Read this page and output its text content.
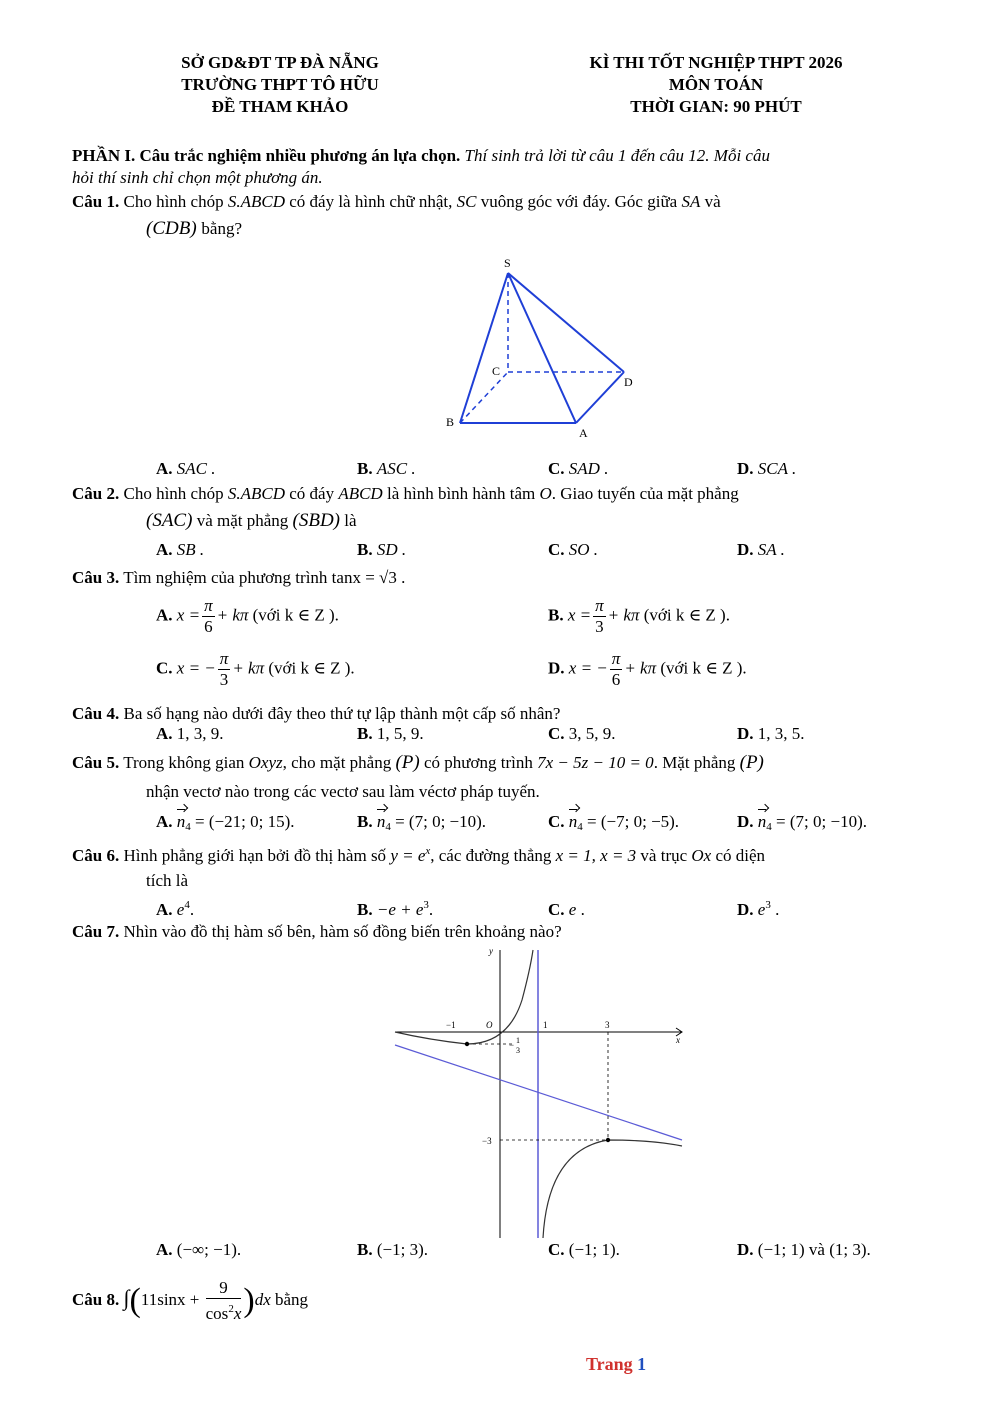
SỞ GD&ĐT TP ĐÀ NẴNG
TRƯỜNG THPT TÔ HỮU
ĐỀ THAM KHẢO
KÌ THI TỐT NGHIỆP THPT 2026
MÔN TOÁN
THỜI GIAN: 90 PHÚT
PHẦN I. Câu trắc nghiệm nhiều phương án lựa chọn. Thí sinh trả lời từ câu 1 đến câu 12. Mỗi câu
hỏi thí sinh chỉ chọn một phương án.
Câu 1. Cho hình chóp S.ABCD có đáy là hình chữ nhật, SC vuông góc với đáy. Góc giữa SA và
(CDB) bằng?
S
C
D
B
A
A. SAC .	B. ASC .	C. SAD .	D. SCA .
Câu 2. Cho hình chóp S.ABCD có đáy ABCD là hình bình hành tâm O. Giao tuyến của mặt phẳng
(SAC) và mặt phẳng (SBD) là
A. SB .	B. SD .	C. SO .	D. SA .
Câu 3. Tìm nghiệm của phương trình tanx = √3 .
A. $x = \frac{\pi}{6} + k\pi$ (với k ∈ Z ).	B. $x = \frac{\pi}{3} + k\pi$ (với k ∈ Z ).
C. x = − $\frac{\pi}{3} + k\pi$ (với k ∈ Z ).	D. x = − $\frac{\pi}{6} + k\pi$ (với k ∈ Z ).
Câu 4. Ba số hạng nào dưới đây theo thứ tự lập thành một cấp số nhân?
A. 1, 3, 9.	B. 1, 5, 9.	C. 3, 5, 9.	D. 1, 3, 5.
Câu 5. Trong không gian Oxyz, cho mặt phẳng (P) có phương trình 7x − 5z − 10 = 0. Mặt phẳng (P)
nhận vectơ nào trong các vectơ sau làm véctơ pháp tuyến.
A. $n_4 = (-21$; 0; 15).	B. $n_4 = (7$; 0; −10).	C. $n_4 = (-7$; 0; −5).	D. $n_4 = (7$; 0; −10).
Câu 6. Hình phẳng giới hạn bởi đồ thị hàm số $y = e^x$, các đường thẳng x = 1, x = 3 và trục Ox có diện
tích là
A. $e^4$.	B. $-e + e^3$.	C. e .	D. $e^3$ .
Câu 7. Nhìn vào đồ thị hàm số bên, hàm số đồng biến trên khoảng nào?
y
x
O
−1	1	3
− 1
3
−3
A. (−∞; −1).	B. (−1; 3).	C. (−1; 1).	D. (−1; 1) và (1; 3).
Câu 8. $\int(11\sin x + \frac{9}{\cos^2x} )dx$ bằng
Trang 1
